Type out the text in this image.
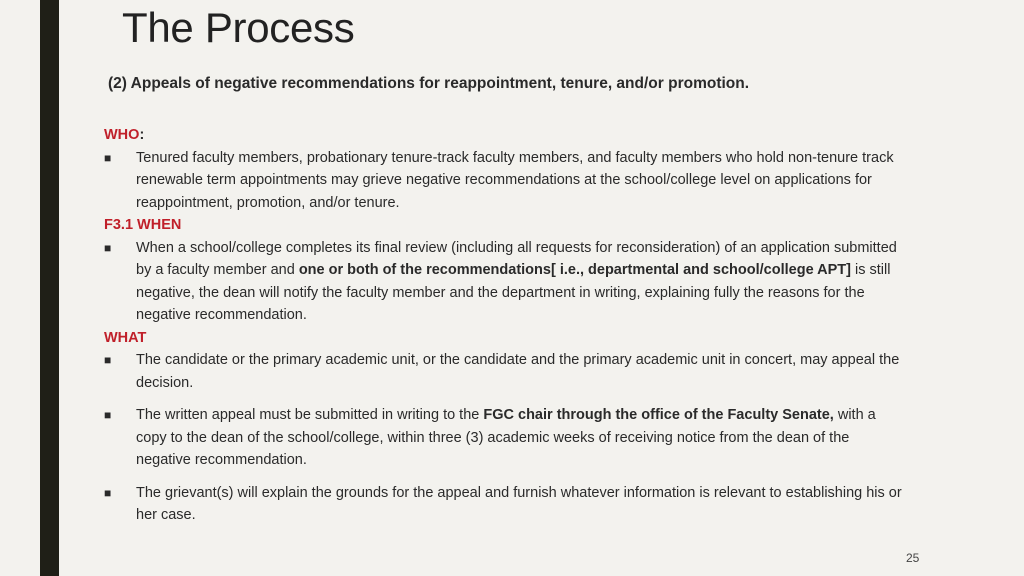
The Process
(2) Appeals of negative recommendations for reappointment, tenure, and/or promotion.
WHO:
■ Tenured faculty members, probationary tenure-track faculty members, and faculty members who hold non-tenure track renewable term appointments may grieve negative recommendations at the school/college level on applications for reappointment, promotion, and/or tenure.
F3.1 WHEN
■ When a school/college completes its final review (including all requests for reconsideration) of an application submitted by a faculty member and one or both of the recommendations[ i.e., departmental and school/college APT] is still negative, the dean will notify the faculty member and the department in writing, explaining fully the reasons for the negative recommendation.
WHAT
■ The candidate or the primary academic unit, or the candidate and the primary academic unit in concert, may appeal the decision.
■ The written appeal must be submitted in writing to the FGC chair through the office of the Faculty Senate, with a copy to the dean of the school/college, within three (3) academic weeks of receiving notice from the dean of the negative recommendation.
■ The grievant(s) will explain the grounds for the appeal and furnish whatever information is relevant to establishing his or her case.
25
